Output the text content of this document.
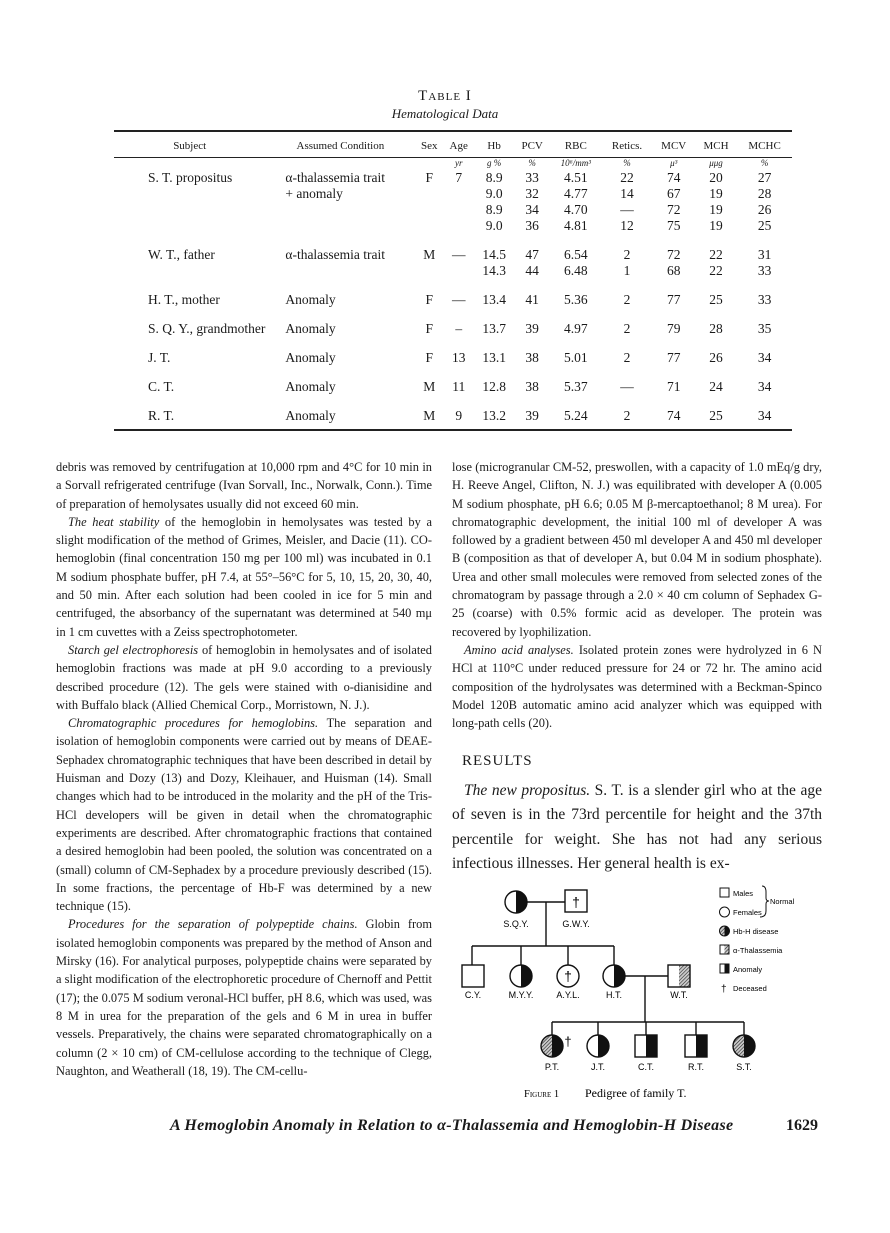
Table I
Hematological Data
Subject	Assumed Condition	Sex	Age	Hb	PCV	RBC	Retics.	MCV	MCH	MCHC
			yr	g %	%	10⁶/mm³	%	μ³	μμg	%
S. T. propositus	α-thalassemia trait	F	7	8.9	33	4.51	22	74	20	27
	+ anomaly			9.0	32	4.77	14	67	19	28
				8.9	34	4.70	—	72	19	26
				9.0	36	4.81	12	75	19	25

W. T., father	α-thalassemia trait	M	—	14.5	47	6.54	2	72	22	31
				14.3	44	6.48	1	68	22	33

H. T., mother	Anomaly	F	—	13.4	41	5.36	2	77	25	33

S. Q. Y., grandmother	Anomaly	F	–	13.7	39	4.97	2	79	28	35

J. T.	Anomaly	F	13	13.1	38	5.01	2	77	26	34

C. T.	Anomaly	M	11	12.8	38	5.37	—	71	24	34

R. T.	Anomaly	M	9	13.2	39	5.24	2	74	25	34

debris was removed by centrifugation at 10,000 rpm and 4°C for 10 min in a Sorvall refrigerated centrifuge (Ivan Sorvall, Inc., Norwalk, Conn.). Time of preparation of hemolysates usually did not exceed 60 min.

The heat stability of the hemoglobin in hemolysates was tested by a slight modification of the method of Grimes, Meisler, and Dacie (11). CO-hemoglobin (final concentration 150 mg per 100 ml) was incubated in 0.1 M sodium phosphate buffer, pH 7.4, at 55°–56°C for 5, 10, 15, 20, 30, 40, and 50 min. After each solution had been cooled in ice for 5 min and centrifuged, the absorbancy of the supernatant was determined at 540 mμ in 1 cm cuvettes with a Zeiss spectrophotometer.

Starch gel electrophoresis of hemoglobin in hemolysates and of isolated hemoglobin fractions was made at pH 9.0 according to a previously described procedure (12). The gels were stained with o-dianisidine and with Buffalo black (Allied Chemical Corp., Morristown, N. J.).

Chromatographic procedures for hemoglobins. The separation and isolation of hemoglobin components were carried out by means of DEAE-Sephadex chromatographic techniques that have been described in detail by Huisman and Dozy (13) and Dozy, Kleihauer, and Huisman (14). Small changes which had to be introduced in the molarity and the pH of the Tris-HCl developers will be given in detail when the chromatographic experiments are described. After chromatographic fractions that contained a desired hemoglobin had been pooled, the solution was concentrated on a (small) column of CM-Sephadex by a procedure previously described (15). In some fractions, the percentage of Hb-F was determined by a new technique (15).

Procedures for the separation of polypeptide chains. Globin from isolated hemoglobin components was prepared by the method of Anson and Mirsky (16). For analytical purposes, polypeptide chains were separated by a slight modification of the electrophoretic procedure of Chernoff and Pettit (17); the 0.075 M sodium veronal-HCl buffer, pH 8.6, which was used, was 8 M in urea for the preparation of the gels and 6 M in urea in buffer vessels. Preparatively, the chains were separated chromatographically on a column (2 × 10 cm) of CM-cellulose according to the technique of Clegg, Naughton, and Weatherall (18, 19). The CM-cellu-

lose (microgranular CM-52, preswollen, with a capacity of 1.0 mEq/g dry, H. Reeve Angel, Clifton, N. J.) was equilibrated with developer A (0.005 M sodium phosphate, pH 6.6; 0.05 M β-mercaptoethanol; 8 M urea). For chromatographic development, the initial 100 ml of developer A was followed by a gradient between 450 ml developer A and 450 ml developer B (composition as that of developer A, but 0.04 M in sodium phosphate). Urea and other small molecules were removed from selected zones of the chromatogram by passage through a 2.0 × 40 cm column of Sephadex G-25 (coarse) with 0.5% formic acid as developer. The protein was recovered by lyophilization.

Amino acid analyses. Isolated protein zones were hydrolyzed in 6 N HCl at 110°C under reduced pressure for 24 or 72 hr. The amino acid composition of the hydrolysates was determined with a Beckman-Spinco Model 120B automatic amino acid analyzer which was equipped with long-path cells (20).

RESULTS

The new propositus. S. T. is a slender girl who at the age of seven is in the 73rd percentile for height and the 37th percentile for weight. She has not had any serious infectious illnesses. Her general health is ex-

†
S.Q.Y.	G.W.Y.
†
C.Y.	M.Y.Y.	A.Y.L.	H.T.	W.T.
†
P.T.	J.T.	C.T.	R.T.	S.T.
Males
Females
Normal
Hb-H disease
α-Thalassemia
Anomaly
† Deceased
Figure 1 Pedigree of family T.
A Hemoglobin Anomaly in Relation to α-Thalassemia and Hemoglobin-H Disease	1629
